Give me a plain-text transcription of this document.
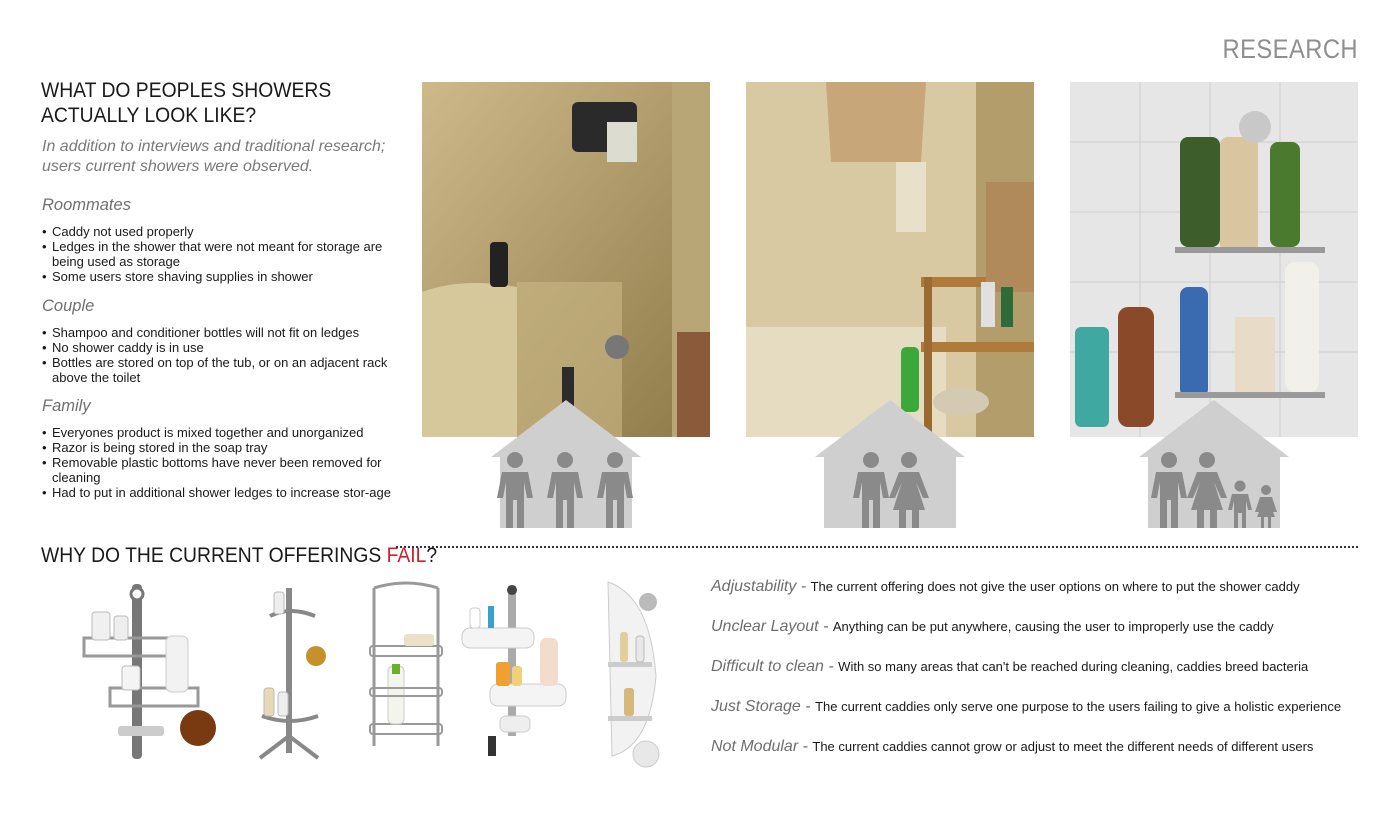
RESEARCH
WHAT DO PEOPLES SHOWERS ACTUALLY LOOK LIKE?
In addition to interviews and traditional research; users current showers were observed.
Roommates
• Caddy not used properly
• Ledges in the shower that were not meant for storage are being used as storage
• Some users store shaving supplies in shower
Couple
• Shampoo and conditioner bottles will not fit on ledges
• No shower caddy is in use
• Bottles are stored on top of the tub, or on an adjacent rack above the toilet
Family
• Everyones product is mixed together and unorganized
• Razor is being stored in the soap tray
• Removable plastic bottoms have never been removed for cleaning
• Had to put in additional shower ledges to increase stor-age
WHY DO THE CURRENT OFFERINGS FAIL?
Adjustability - The current offering does not give the user options on where to put the shower caddy
Unclear Layout - Anything can be put anywhere, causing the user to improperly use the caddy
Difficult to clean - With so many areas that can't be reached during cleaning, caddies breed bacteria
Just Storage - The current caddies only serve one purpose to the users failing to give a holistic experience
Not Modular - The current caddies cannot grow or adjust to meet the different needs of different users
